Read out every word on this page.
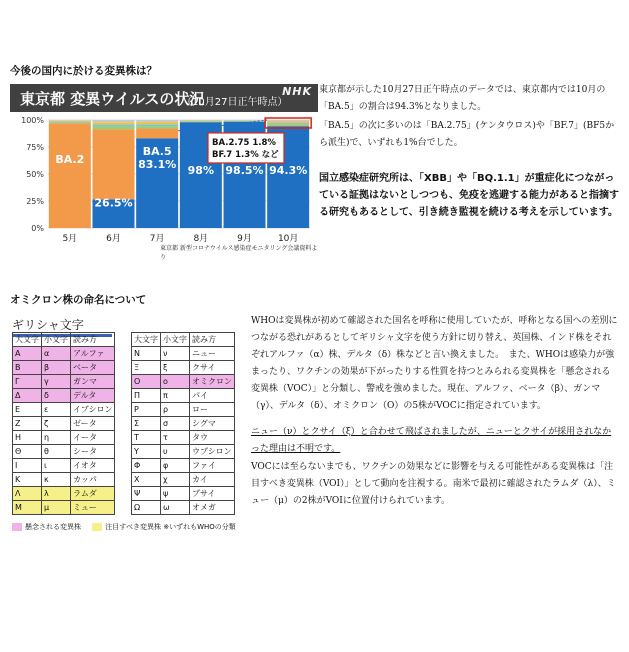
今後の国内に於ける変異株は？
東京都 変異ウイルスの状況
（10月27日正午時点）
NHK
0%
25%
50%
75%
100%
5月	6月	7月	8月	9月	10月
BA.2
26.5%
BA.5
83.1% 98% 98.5% 94.3%
BA.2.75 1.8%
BF.7 1.3% など
東京都 新型コロナウイルス感染症モニタリング会議資料より
東京都が示した10月27日正午時点のデータでは、東京都内では10月の「BA.5」の割合は94.3%となりました。
「BA.5」の次に多いのは「BA.2.75」(ケンタウロス)や「BF.7」(BF5から派生)で、いずれも1%台でした。
国立感染症研究所は、「XBB」や「BQ.1.1」が重症化につながっている証拠はないとしつつも、免疫を逃避する能力があると指摘する研究もあるとして、引き続き監視を続ける考えを示しています。
オミクロン株の命名について
ギリシャ文字
大文字	小文字	読み方
Α	α	アルファ
Β	β	ベータ
Γ	γ	ガンマ
Δ	δ	デルタ
Ε	ε	イプシロン
Ζ	ζ	ゼータ
Η	η	イータ
Θ	θ	シータ
Ι	ι	イオタ
Κ	κ	カッパ
Λ	λ	ラムダ
Μ	μ	ミュー
大文字	小文字	読み方
Ν	ν	ニュー
Ξ	ξ	クサイ
Ο	ο	オミクロン
Π	π	パイ
Ρ	ρ	ロー
Σ	σ	シグマ
Τ	τ	タウ
Υ	υ	ウプシロン
Φ	φ	ファイ
Χ	χ	カイ
Ψ	ψ	プサイ
Ω	ω	オメガ
懸念される変異株	注目すべき変異株 ※いずれもWHOの分類
WHOは変異株が初めて確認された国名を呼称に使用していたが、呼称となる国への差別につながる恐れがあるとしてギリシャ文字を使う方針に切り替え、英国株、インド株をそれぞれアルファ（α）株、デルタ（δ）株などと言い換えました。　また、WHOは感染力が強まったり、ワクチンの効果が下がったりする性質を持つとみられる変異株を「懸念される変異株（VOC）」と分類し、警戒を強めました。現在、アルファ、ベータ（β）、ガンマ（γ）、デルタ（δ）、オミクロン（O）の5株がVOCに指定されています。
ニュー（ν）とクサイ（ξ）と合わせて飛ばされましたが、ニューとクサイが採用されなかった理由は不明です。
VOCには至らないまでも、ワクチンの効果などに影響を与える可能性がある変異株は「注目すべき変異株（VOI）」として動向を注視する。南米で最初に確認されたラムダ（λ）、ミュー（μ）の2株がVOIに位置付けられています。
